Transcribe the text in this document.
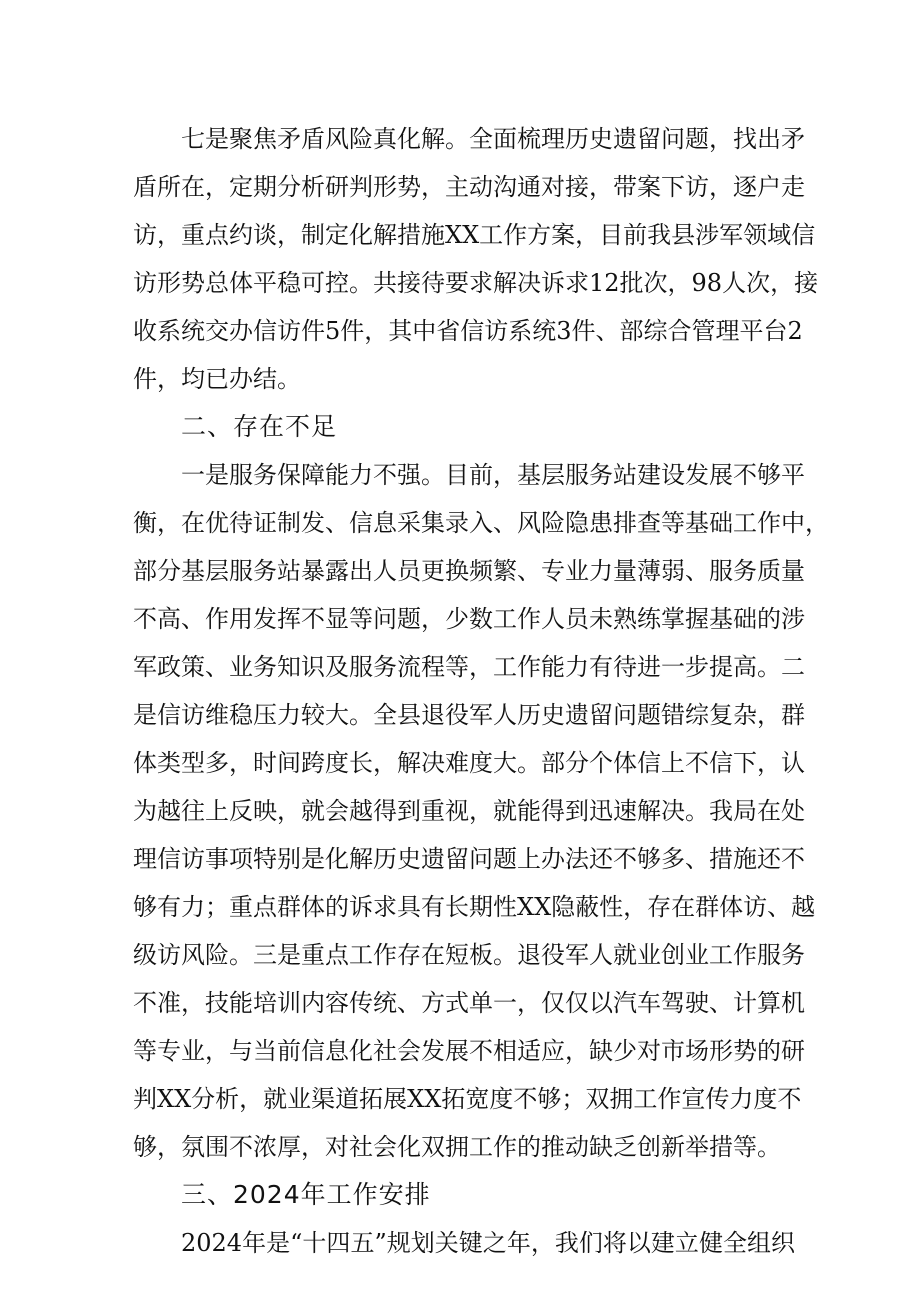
七是聚焦矛盾风险真化解。全面梳理历史遗留问题，找出矛
盾所在，定期分析研判形势，主动沟通对接，带案下访，逐户走
访，重点约谈，制定化解措施XX工作方案，目前我县涉军领域信
访形势总体平稳可控。共接待要求解决诉求12批次，98人次，接
收系统交办信访件5件，其中省信访系统3件、部综合管理平台2
件，均已办结。
二、存在不足
一是服务保障能力不强。目前，基层服务站建设发展不够平
衡，在优待证制发、信息采集录入、风险隐患排查等基础工作中，
部分基层服务站暴露出人员更换频繁、专业力量薄弱、服务质量
不高、作用发挥不显等问题，少数工作人员未熟练掌握基础的涉
军政策、业务知识及服务流程等，工作能力有待进一步提高。二
是信访维稳压力较大。全县退役军人历史遗留问题错综复杂，群
体类型多，时间跨度长，解决难度大。部分个体信上不信下，认
为越往上反映，就会越得到重视，就能得到迅速解决。我局在处
理信访事项特别是化解历史遗留问题上办法还不够多、措施还不
够有力；重点群体的诉求具有长期性XX隐蔽性，存在群体访、越
级访风险。三是重点工作存在短板。退役军人就业创业工作服务
不准，技能培训内容传统、方式单一，仅仅以汽车驾驶、计算机
等专业，与当前信息化社会发展不相适应，缺少对市场形势的研
判XX分析，就业渠道拓展XX拓宽度不够；双拥工作宣传力度不
够，氛围不浓厚，对社会化双拥工作的推动缺乏创新举措等。
三、2024年工作安排
2024年是“十四五”规划关键之年，我们将以建立健全组织
